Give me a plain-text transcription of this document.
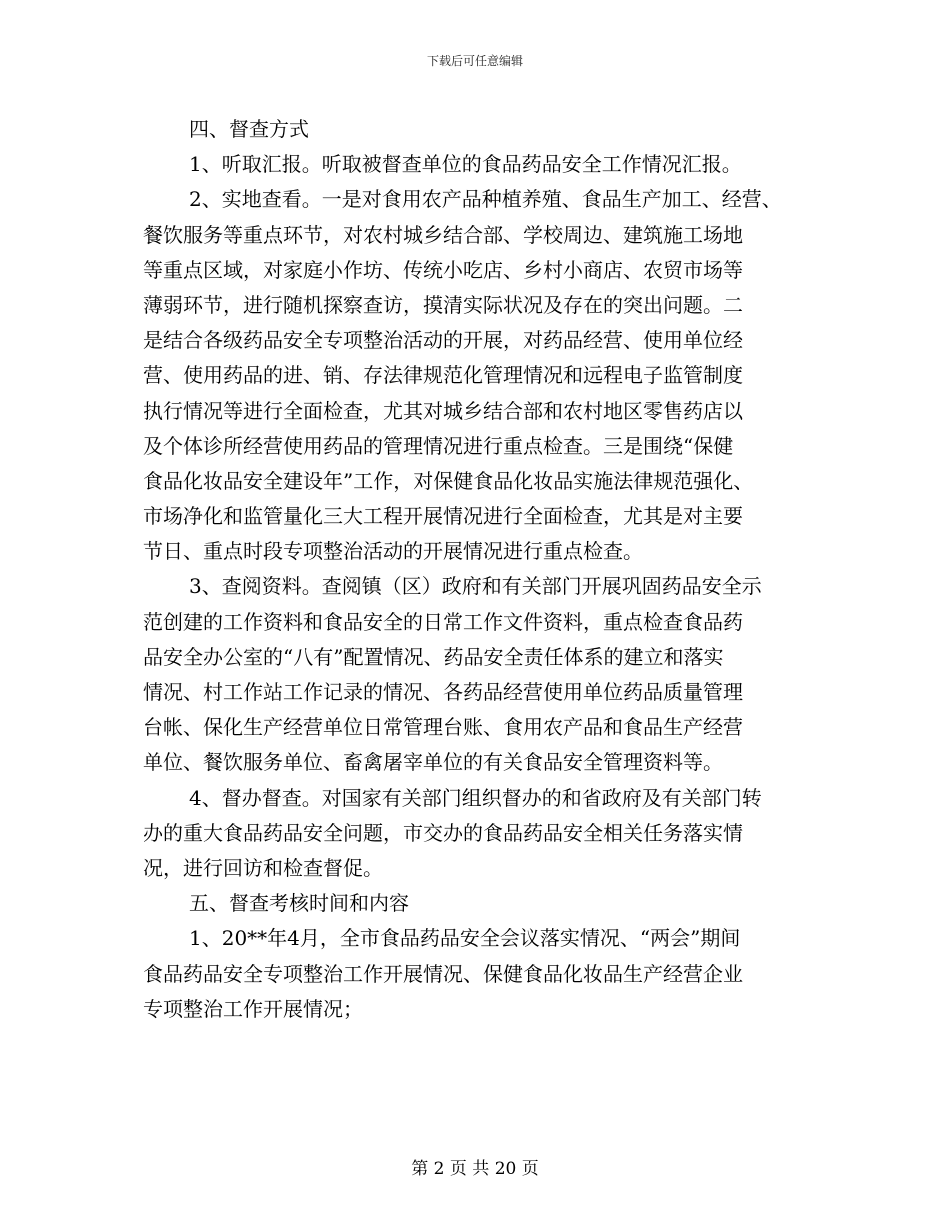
下载后可任意编辑
四、督查方式
1、听取汇报。听取被督查单位的食品药品安全工作情况汇报。
2、实地查看。一是对食用农产品种植养殖、食品生产加工、经营、
餐饮服务等重点环节，对农村城乡结合部、学校周边、建筑施工场地
等重点区域，对家庭小作坊、传统小吃店、乡村小商店、农贸市场等
薄弱环节，进行随机探察查访，摸清实际状况及存在的突出问题。二
是结合各级药品安全专项整治活动的开展，对药品经营、使用单位经
营、使用药品的进、销、存法律规范化管理情况和远程电子监管制度
执行情况等进行全面检查，尤其对城乡结合部和农村地区零售药店以
及个体诊所经营使用药品的管理情况进行重点检查。三是围绕“保健
食品化妆品安全建设年”工作，对保健食品化妆品实施法律规范强化、
市场净化和监管量化三大工程开展情况进行全面检查，尤其是对主要
节日、重点时段专项整治活动的开展情况进行重点检查。
3、查阅资料。查阅镇（区）政府和有关部门开展巩固药品安全示
范创建的工作资料和食品安全的日常工作文件资料，重点检查食品药
品安全办公室的“八有”配置情况、药品安全责任体系的建立和落实
情况、村工作站工作记录的情况、各药品经营使用单位药品质量管理
台帐、保化生产经营单位日常管理台账、食用农产品和食品生产经营
单位、餐饮服务单位、畜禽屠宰单位的有关食品安全管理资料等。
4、督办督查。对国家有关部门组织督办的和省政府及有关部门转
办的重大食品药品安全问题，市交办的食品药品安全相关任务落实情
况，进行回访和检查督促。
五、督查考核时间和内容
1、20**年4月，全市食品药品安全会议落实情况、“两会”期间
食品药品安全专项整治工作开展情况、保健食品化妆品生产经营企业
专项整治工作开展情况；
第 2 页 共 20 页
